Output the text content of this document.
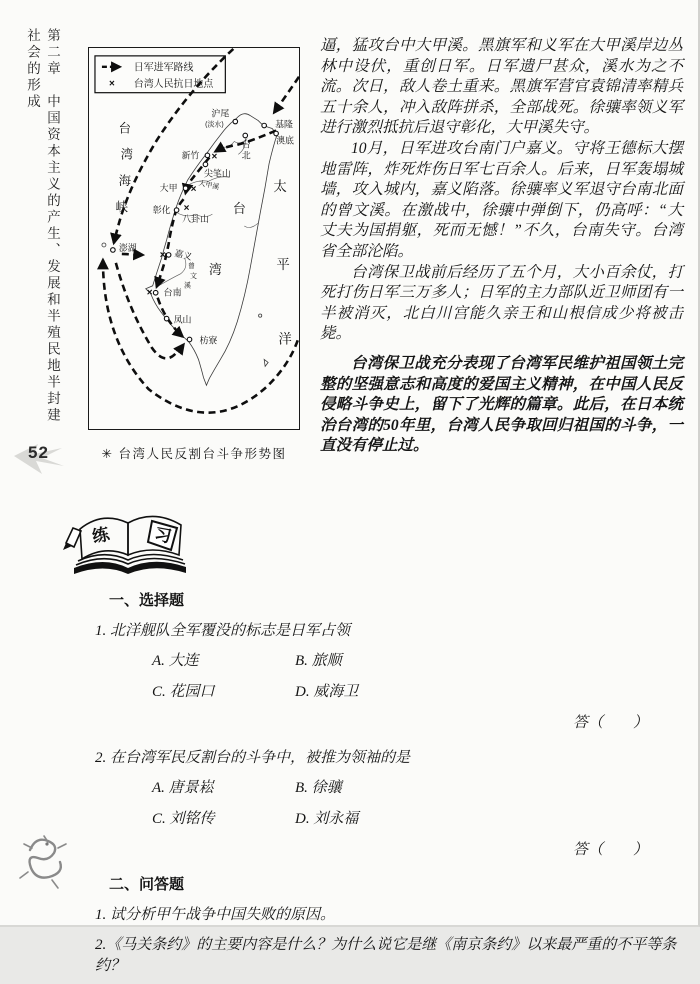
第二章　中国资本主义的产生、发展和半殖民地半封建社会的形成
52
×
×
×
×
×
沪尾
(淡水)	基隆
澳底
台
北
新竹
尖笔山
大甲	大甲溪
彰化
八卦山
嘉义
曾
文
溪
台南
凤山
枋寮
澎湖
台
湾
海
峡
太
平
洋
台
湾
日军进军路线
× 台湾人民抗日地点
✳ 台湾人民反割台斗争形势图

逼，猛攻台中大甲溪。黑旗军和义军在大甲溪岸边丛林中设伏，重创日军。日军遗尸甚众，溪水为之不流。次日，敌人卷土重来。黑旗军营官袁锦清率精兵五十余人，冲入敌阵拼杀，全部战死。徐骧率领义军进行激烈抵抗后退守彰化，大甲溪失守。

10月，日军进攻台南门户嘉义。守将王德标大摆地雷阵，炸死炸伤日军七百余人。后来，日军轰塌城墙，攻入城内，嘉义陷落。徐骧率义军退守台南北面的曾文溪。在激战中，徐骧中弹倒下，仍高呼：“大丈夫为国捐躯，死而无憾！”不久，台南失守。台湾省全部沦陷。

台湾保卫战前后经历了五个月，大小百余仗，打死打伤日军三万多人；日军的主力部队近卫师团有一半被消灭，北白川宫能久亲王和山根信成少将被击毙。

台湾保卫战充分表现了台湾军民维护祖国领土完整的坚强意志和高度的爱国主义精神，在中国人民反侵略斗争史上，留下了光辉的篇章。此后，在日本统治台湾的50年里，台湾人民争取回归祖国的斗争，一直没有停止过。

练 习
一、选择题
1. 北洋舰队全军覆没的标志是日军占领
A. 大连	B. 旅顺
C. 花园口	D. 威海卫
答（　　）
2. 在台湾军民反割台的斗争中，被推为领袖的是
A. 唐景崧	B. 徐骧
C. 刘铭传	D. 刘永福
答（　　）
二、问答题
1. 试分析甲午战争中国失败的原因。
2.《马关条约》的主要内容是什么？为什么说它是继《南京条约》以来最严重的不平等条约？
